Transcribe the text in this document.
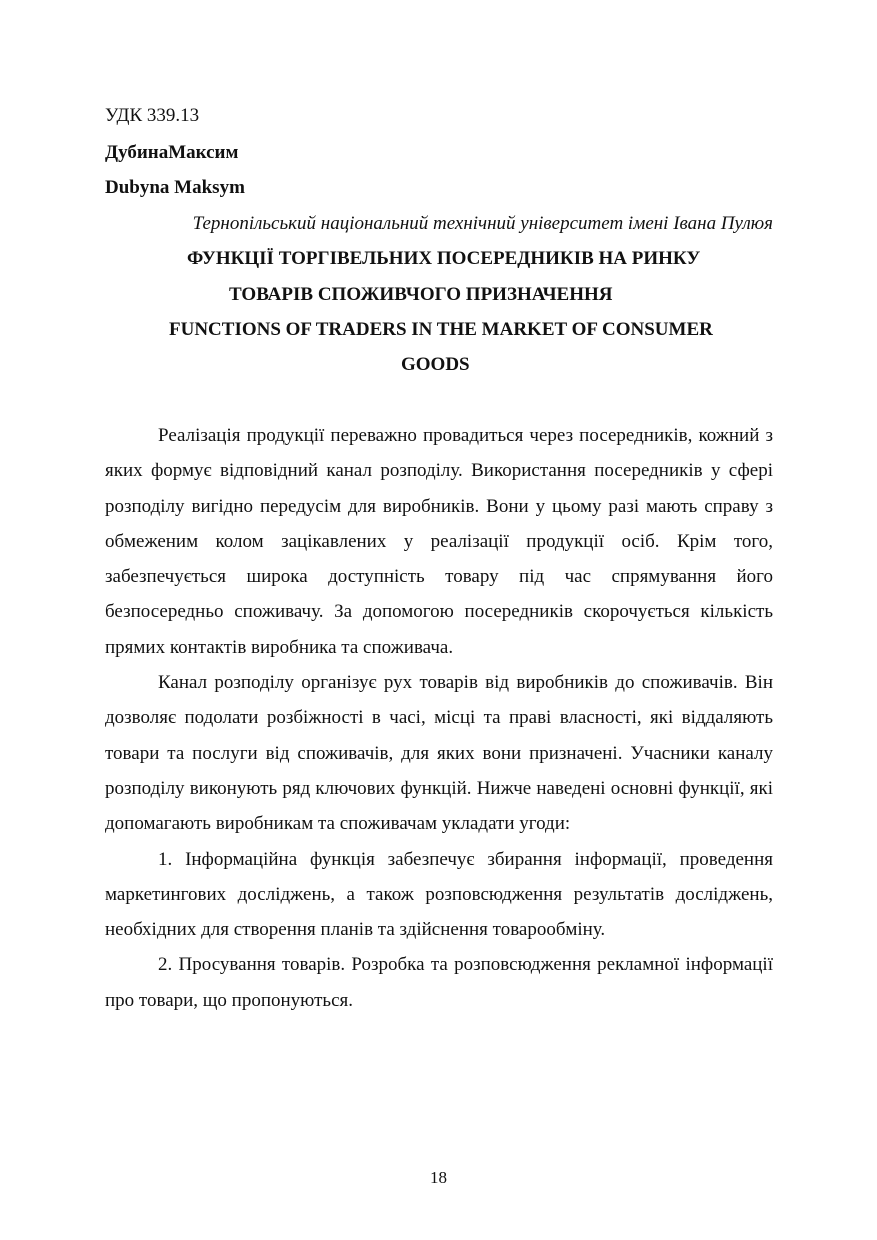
УДК 339.13

ДубинаМаксим

Dubyna Maksym

Тернопільський національний технічний університет імені Івана Пулюя

ФУНКЦІЇ ТОРГІВЕЛЬНИХ ПОСЕРЕДНИКІВ НА РИНКУ
ТОВАРІВ СПОЖИВЧОГО ПРИЗНАЧЕННЯ
FUNCTIONS OF TRADERS IN THE MARKET OF CONSUMER
GOODS

Реалізація продукції переважно провадиться через посередників, кожний з яких формує відповідний канал розподілу. Використання посередників у сфері розподілу вигідно передусім для виробників. Вони у цьому разі мають справу з обмеженим колом зацікавлених у реалізації продукції осіб. Крім того, забезпечується широка доступність товару під час спрямування його безпосередньо споживачу. За допомогою посередників скорочується кількість прямих контактів виробника та споживача.

Канал розподілу організує рух товарів від виробників до споживачів. Він дозволяє подолати розбіжності в часі, місці та праві власності, які віддаляють товари та послуги від споживачів, для яких вони призначені. Учасники каналу розподілу виконують ряд ключових функцій. Нижче наведені основні функції, які допомагають виробникам та споживачам укладати угоди:

1. Інформаційна функція забезпечує збирання інформації, проведення маркетингових досліджень, а також розповсюдження результатів досліджень, необхідних для створення планів та здійснення товарообміну.

2. Просування товарів. Розробка та розповсюдження рекламної інформації про товари, що пропонуються.

18
